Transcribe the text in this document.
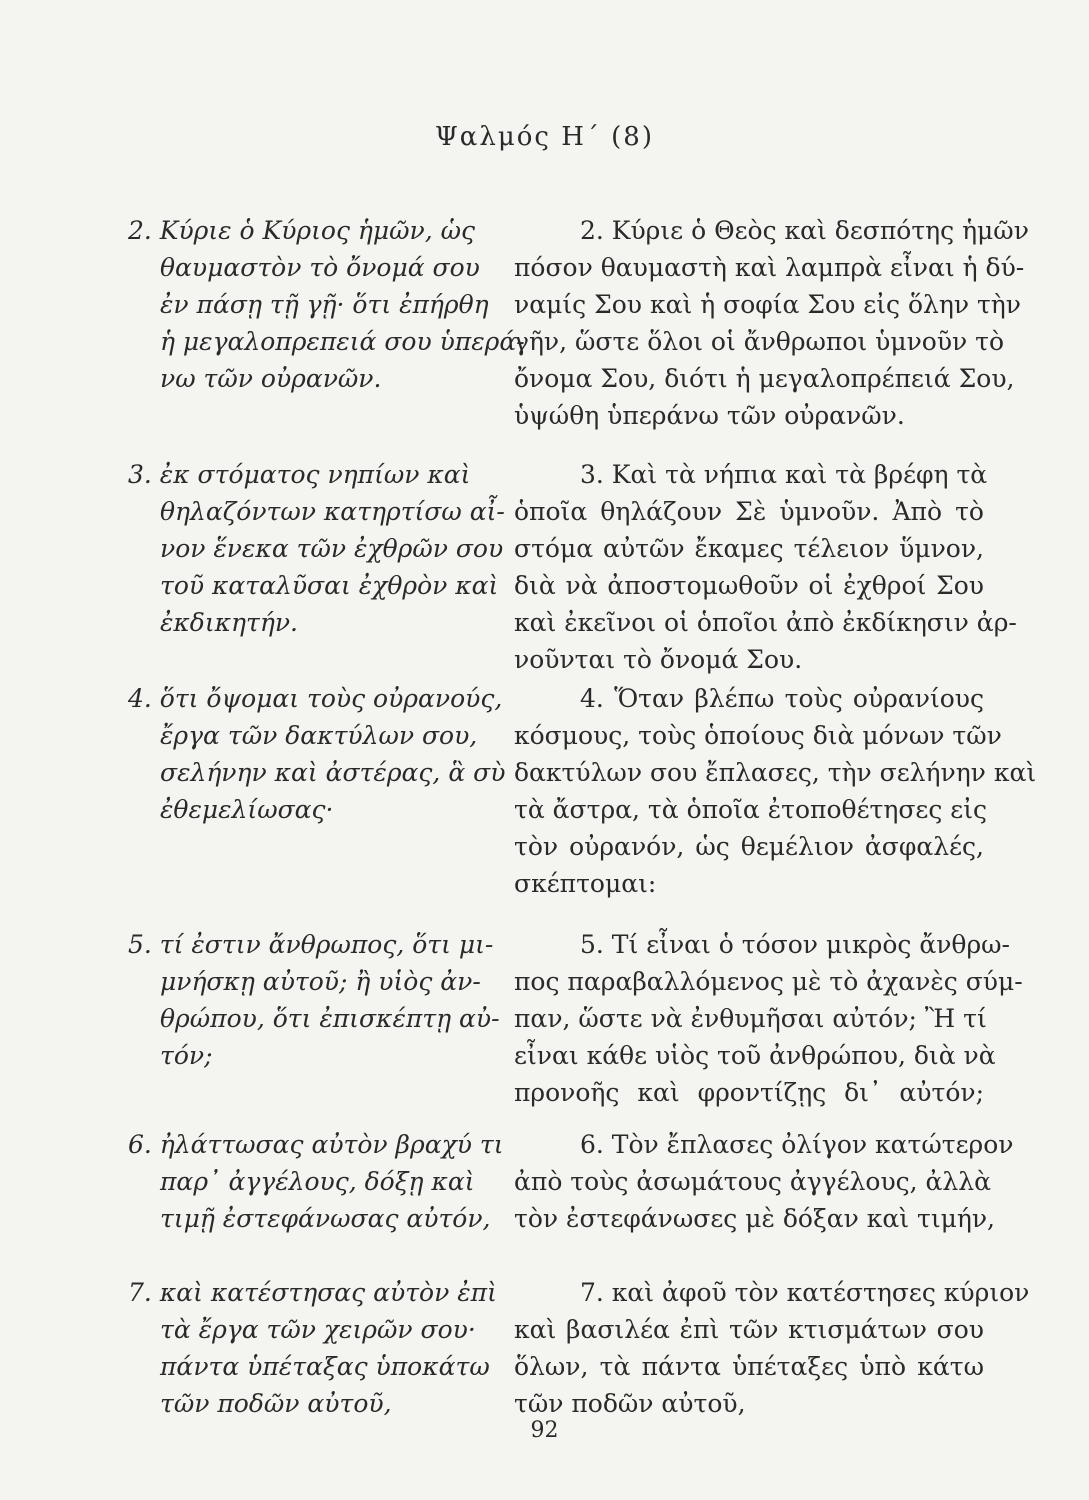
Ψαλμός Η΄ (8)
2. Κύριε ὁ Κύριος ἡμῶν, ὡς
θαυμαστὸν τὸ ὄνομά σου
ἐν πάσῃ τῇ γῇ· ὅτι ἐπήρθη
ἡ μεγαλοπρεπειά σου ὑπερά-
νω τῶν οὐρανῶν.
3. ἐκ στόματος νηπίων καὶ
θηλαζόντων κατηρτίσω αἶ-
νον ἕνεκα τῶν ἐχθρῶν σου
τοῦ καταλῦσαι ἐχθρὸν καὶ
ἐκδικητήν.
4. ὅτι ὄψομαι τοὺς οὐρανούς,
ἔργα τῶν δακτύλων σου,
σελήνην καὶ ἀστέρας, ἃ σὺ
ἐθεμελίωσας·
5. τί ἐστιν ἄνθρωπος, ὅτι μι-
μνήσκῃ αὐτοῦ; ἢ υἱὸς ἀν-
θρώπου, ὅτι ἐπισκέπτῃ αὐ-
τόν;
6. ἠλάττωσας αὐτὸν βραχύ τι
παρ᾿ ἀγγέλους, δόξῃ καὶ
τιμῇ ἐστεφάνωσας αὐτόν,
7. καὶ κατέστησας αὐτὸν ἐπὶ
τὰ ἔργα τῶν χειρῶν σου·
πάντα ὑπέταξας ὑποκάτω
τῶν ποδῶν αὐτοῦ,
2. Κύριε ὁ Θεὸς καὶ δεσπότης ἡμῶν
πόσον θαυμαστὴ καὶ λαμπρὰ εἶναι ἡ δύ-
ναμίς Σου καὶ ἡ σοφία Σου εἰς ὅλην τὴν
γῆν, ὥστε ὅλοι οἱ ἄνθρωποι ὑμνοῦν τὸ
ὄνομα Σου, διότι ἡ μεγαλοπρέπειά Σου,
ὑψώθη ὑπεράνω τῶν οὐρανῶν.
3. Καὶ τὰ νήπια καὶ τὰ βρέφη τὰ
ὁποῖα θηλάζουν Σὲ ὑμνοῦν. Ἀπὸ τὸ
στόμα αὐτῶν ἔκαμες τέλειον ὕμνον,
διὰ νὰ ἀποστομωθοῦν οἱ ἐχθροί Σου
καὶ ἐκεῖνοι οἱ ὁποῖοι ἀπὸ ἐκδίκησιν ἀρ-
νοῦνται τὸ ὄνομά Σου.
4. Ὅταν βλέπω τοὺς οὐρανίους
κόσμους, τοὺς ὁποίους διὰ μόνων τῶν
δακτύλων σου ἔπλασες, τὴν σελήνην καὶ
τὰ ἄστρα, τὰ ὁποῖα ἐτοποθέτησες εἰς
τὸν οὐρανόν, ὡς θεμέλιον ἀσφαλές,
σκέπτομαι:
5. Τί εἶναι ὁ τόσον μικρὸς ἄνθρω-
πος παραβαλλόμενος μὲ τὸ ἀχανὲς σύμ-
παν, ὥστε νὰ ἐνθυμῆσαι αὐτόν; Ἢ τί
εἶναι κάθε υἱὸς τοῦ ἀνθρώπου, διὰ νὰ
προνοῆς καὶ φροντίζῃς δι᾿ αὐτόν;
6. Τὸν ἔπλασες ὀλίγον κατώτερον
ἀπὸ τοὺς ἀσωμάτους ἀγγέλους, ἀλλὰ
τὸν ἐστεφάνωσες μὲ δόξαν καὶ τιμήν,
7. καὶ ἀφοῦ τὸν κατέστησες κύριον
καὶ βασιλέα ἐπὶ τῶν κτισμάτων σου
ὅλων, τὰ πάντα ὑπέταξες ὑπὸ κάτω
τῶν ποδῶν αὐτοῦ,
92
